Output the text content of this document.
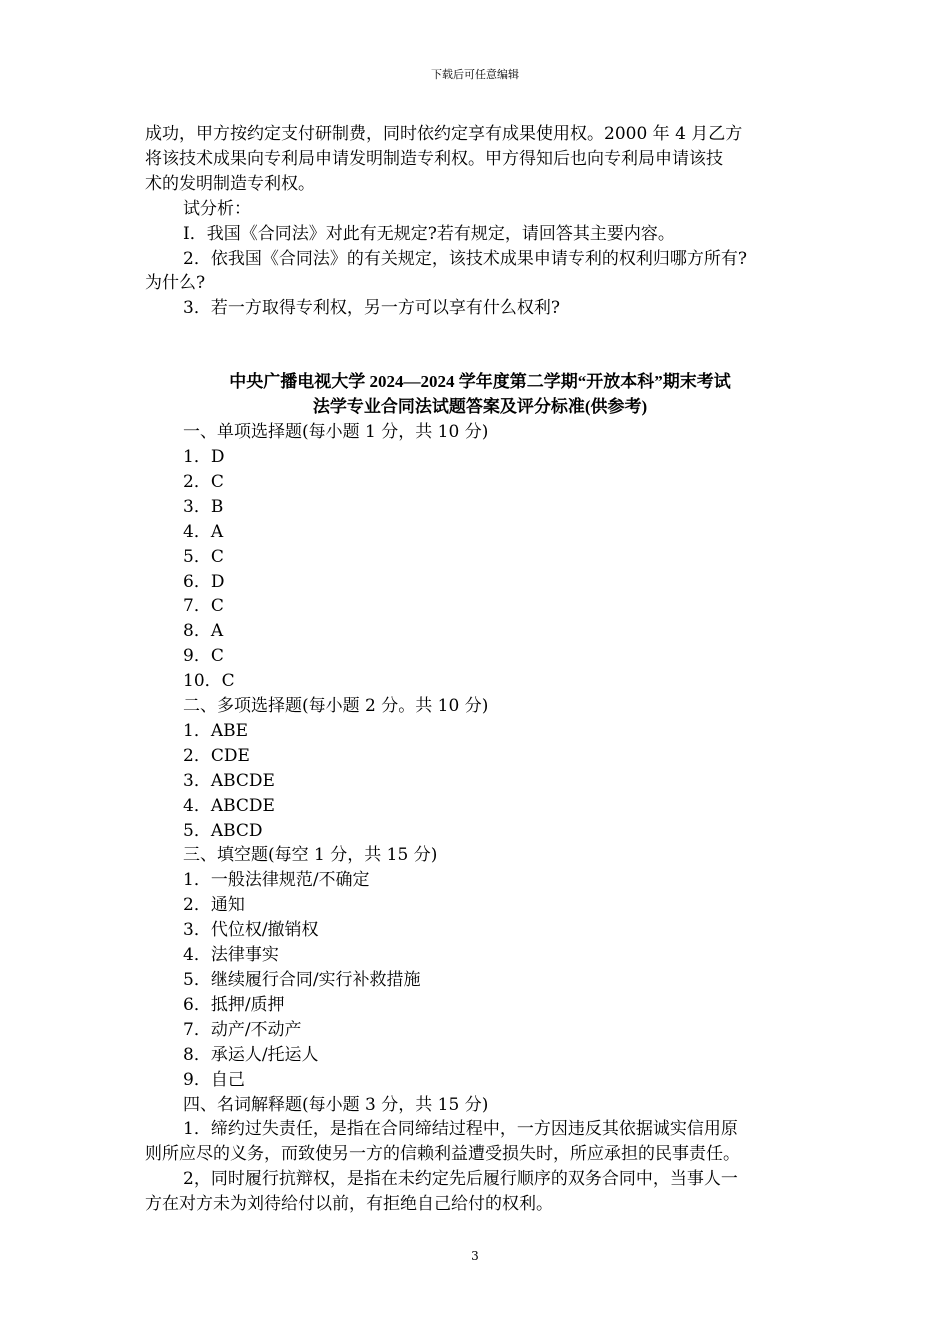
下载后可任意编辑

成功，甲方按约定支付研制费，同时依约定享有成果使用权。2000 年 4 月乙方

将该技术成果向专利局申请发明制造专利权。甲方得知后也向专利局申请该技

术的发明制造专利权。

试分析：

I．我国《合同法》对此有无规定?若有规定，请回答其主要内容。

2．依我国《合同法》的有关规定，该技术成果申请专利的权利归哪方所有?

为什么?

3．若一方取得专利权，另一方可以享有什么权利?

中央广播电视大学 2024—2024 学年度第二学期“开放本科”期末考试

法学专业合同法试题答案及评分标准(供参考)

一、单项选择题(每小题 1 分，共 10 分)

1．D

2．C

3．B

4．A

5．C

6．D

7．C

8．A

9．C

10．C

二、多项选择题(每小题 2 分。共 10 分)

1．ABE

2．CDE

3．ABCDE

4．ABCDE

5．ABCD

三、填空题(每空 1 分，共 15 分)

1．一般法律规范/不确定

2．通知

3．代位权/撤销权

4．法律事实

5．继续履行合同/实行补救措施

6．抵押/质押

7．动产/不动产

8．承运人/托运人

9．自己

四、名词解释题(每小题 3 分，共 15 分)

1．缔约过失责任，是指在合同缔结过程中，一方因违反其依据诚实信用原

则所应尽的义务，而致使另一方的信赖利益遭受损失时，所应承担的民事责任。

2，同时履行抗辩权，是指在未约定先后履行顺序的双务合同中，当事人一

方在对方未为刘待给付以前，有拒绝自己给付的权利。

3
